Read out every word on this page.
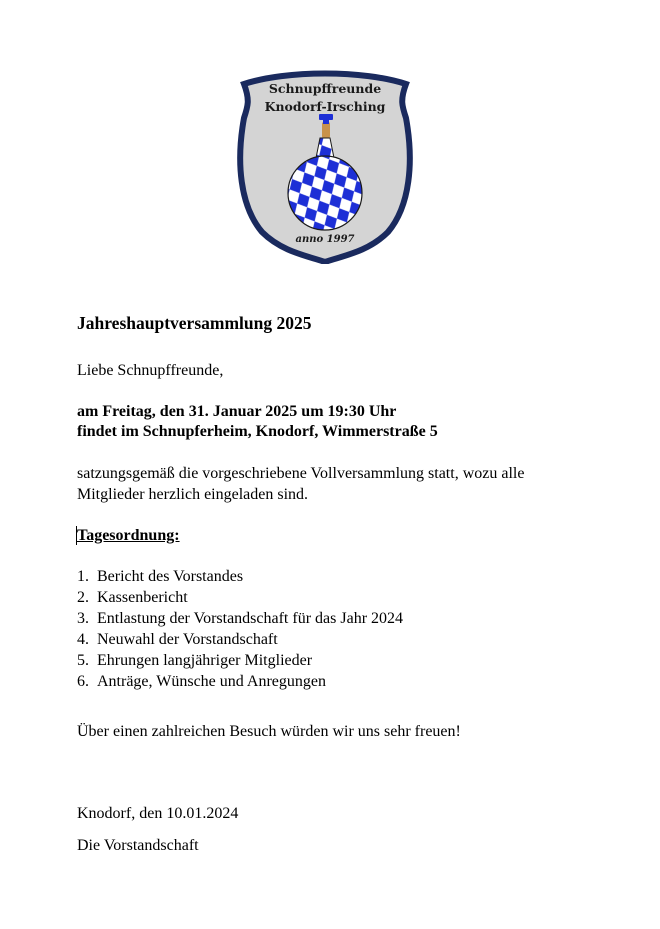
Schnupffreunde
Knodorf-Irsching
anno 1997
Jahreshauptversammlung 2025
Liebe Schnupffreunde,
am Freitag, den 31. Januar 2025 um 19:30 Uhr
findet im Schnupferheim, Knodorf, Wimmerstraße 5
satzungsgemäß die vorgeschriebene Vollversammlung statt, wozu alle
Mitglieder herzlich eingeladen sind.
Tagesordnung:
1. Bericht des Vorstandes
2. Kassenbericht
3. Entlastung der Vorstandschaft für das Jahr 2024
4. Neuwahl der Vorstandschaft
5. Ehrungen langjähriger Mitglieder
6. Anträge, Wünsche und Anregungen
Über einen zahlreichen Besuch würden wir uns sehr freuen!
Knodorf, den 10.01.2024
Die Vorstandschaft
